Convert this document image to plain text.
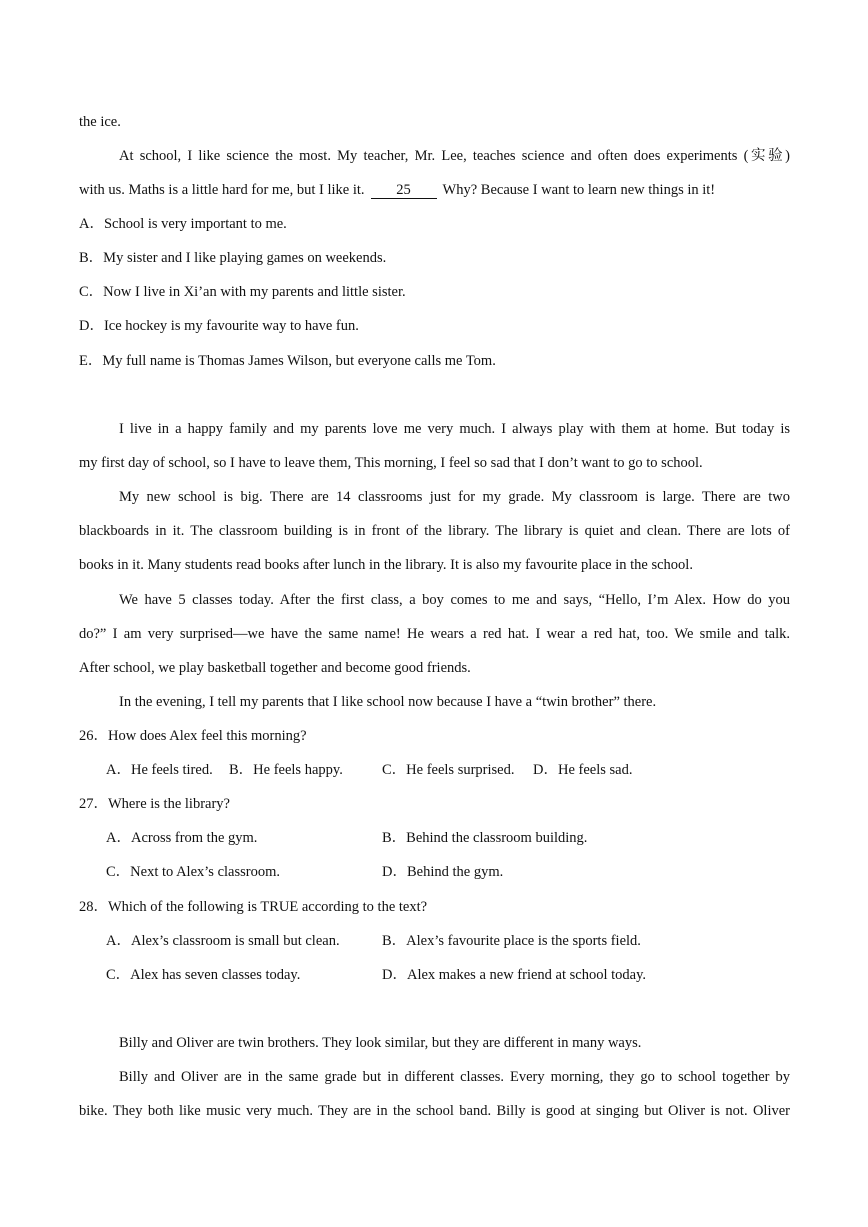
the ice.
At school, I like science the most. My teacher, Mr. Lee, teaches science and often does experiments (实验)
with us. Maths is a little hard for me, but I like it. 25 Why? Because I want to learn new things in it!
A．School is very important to me.
B．My sister and I like playing games on weekends.
C．Now I live in Xi’an with my parents and little sister.
D．Ice hockey is my favourite way to have fun.
E．My full name is Thomas James Wilson, but everyone calls me Tom.
I live in a happy family and my parents love me very much. I always play with them at home. But today is
my first day of school, so I have to leave them, This morning, I feel so sad that I don’t want to go to school.
My new school is big. There are 14 classrooms just for my grade. My classroom is large. There are two
blackboards in it. The classroom building is in front of the library. The library is quiet and clean. There are lots of
books in it. Many students read books after lunch in the library. It is also my favourite place in the school.
We have 5 classes today. After the first class, a boy comes to me and says, “Hello, I’m Alex. How do you
do?” I am very surprised—we have the same name! He wears a red hat. I wear a red hat, too. We smile and talk.
After school, we play basketball together and become good friends.
In the evening, I tell my parents that I like school now because I have a “twin brother” there.
26．How does Alex feel this morning?
A．He feels tired. B．He feels happy.	C．He feels surprised. D．He feels sad.
27．Where is the library?
A．Across from the gym.	B．Behind the classroom building.
C．Next to Alex’s classroom.	D．Behind the gym.
28．Which of the following is TRUE according to the text?
A．Alex’s classroom is small but clean.	B．Alex’s favourite place is the sports field.
C．Alex has seven classes today.	D．Alex makes a new friend at school today.
Billy and Oliver are twin brothers. They look similar, but they are different in many ways.
Billy and Oliver are in the same grade but in different classes. Every morning, they go to school together by
bike. They both like music very much. They are in the school band. Billy is good at singing but Oliver is not. Oliver
